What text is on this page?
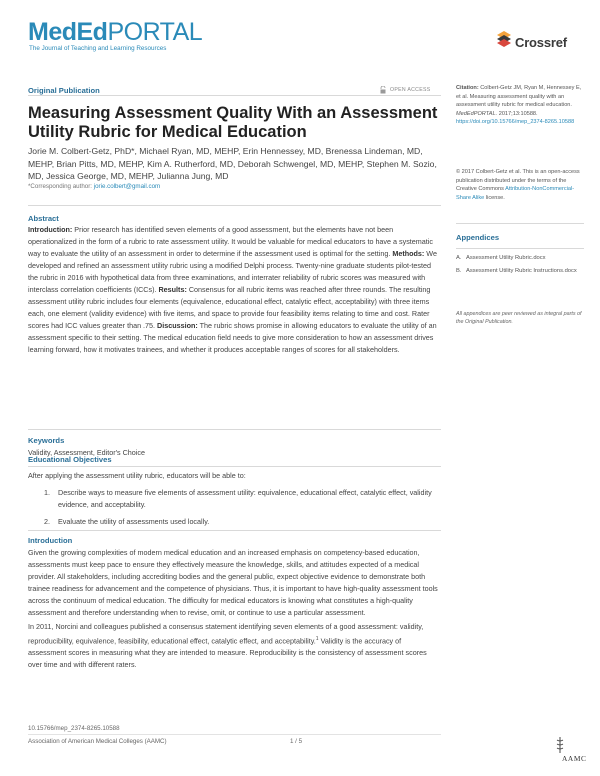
MedEdPORTAL
The Journal of Teaching and Learning Resources	Crossref
Original Publication	OPEN ACCESS
Measuring Assessment Quality With an Assessment Utility Rubric for Medical Education
Jorie M. Colbert-Getz, PhD*, Michael Ryan, MD, MEHP, Erin Hennessey, MD, Brenessa Lindeman, MD, MEHP, Brian Pitts, MD, MEHP, Kim A. Rutherford, MD, Deborah Schwengel, MD, MEHP, Stephen M. Sozio, MD, Jessica George, MD, MEHP, Julianna Jung, MD
*Corresponding author: jorie.colbert@gmail.com
Abstract
Introduction: Prior research has identified seven elements of a good assessment, but the elements have not been operationalized in the form of a rubric to rate assessment utility. It would be valuable for medical educators to have a systematic way to evaluate the utility of an assessment in order to determine if the assessment used is optimal for the setting. Methods: We developed and refined an assessment utility rubric using a modified Delphi process. Twenty-nine graduate students pilot-tested the rubric in 2016 with hypothetical data from three examinations, and interrater reliability of rubric scores was measured with interclass correlation coefficients (ICCs). Results: Consensus for all rubric items was reached after three rounds. The resulting assessment utility rubric includes four elements (equivalence, educational effect, catalytic effect, acceptability) with three items each, one element (validity evidence) with five items, and space to provide four feasibility items relating to time and cost. Rater scores had ICC values greater than .75. Discussion: The rubric shows promise in allowing educators to evaluate the utility of an assessment specific to their setting. The medical education field needs to give more consideration to how an assessment drives learning forward, how it motivates trainees, and whether it produces acceptable ranges of scores for all stakeholders.
Keywords
Validity, Assessment, Editor's Choice
Educational Objectives
After applying the assessment utility rubric, educators will be able to:
1. Describe ways to measure five elements of assessment utility: equivalence, educational effect, catalytic effect, validity evidence, and acceptability.
2. Evaluate the utility of assessments used locally.
Introduction
Given the growing complexities of modern medical education and an increased emphasis on competency-based education, assessments must keep pace to ensure they effectively measure the knowledge, skills, and attitudes expected of a medical provider. All stakeholders, including accrediting bodies and the general public, expect objective evidence to demonstrate both trainee readiness for advancement and the competence of physicians. Thus, it is important to have high-quality assessment tools across the continuum of medical education. The difficulty for medical educators is knowing what constitutes a high-quality assessment and therefore understanding when to revise, omit, or continue to use a particular assessment.
In 2011, Norcini and colleagues published a consensus statement identifying seven elements of a good assessment: validity, reproducibility, equivalence, feasibility, educational effect, catalytic effect, and acceptability.$^1$ Validity is the accuracy of assessment scores in measuring what they are intended to measure. Reproducibility is the consistency of assessment scores over time and with different raters.
Citation: Colbert-Getz JM, Ryan M, Hennessey E, et al. Measuring assessment quality with an assessment utility rubric for medical education. MedEdPORTAL. 2017;13:10588.
https://doi.org/10.15766/mep_2374-8265.10588
© 2017 Colbert-Getz et al. This is an open-access publication distributed under the terms of the Creative Commons Attribution-NonCommercial-Share Alike license.
Appendices
A. Assessment Utility Rubric.docx
B. Assessment Utility Rubric Instructions.docx
All appendices are peer reviewed as integral parts of the Original Publication.
10.15766/mep_2374-8265.10588
Association of American Medical Colleges (AAMC)	1 / 5
AAMC
